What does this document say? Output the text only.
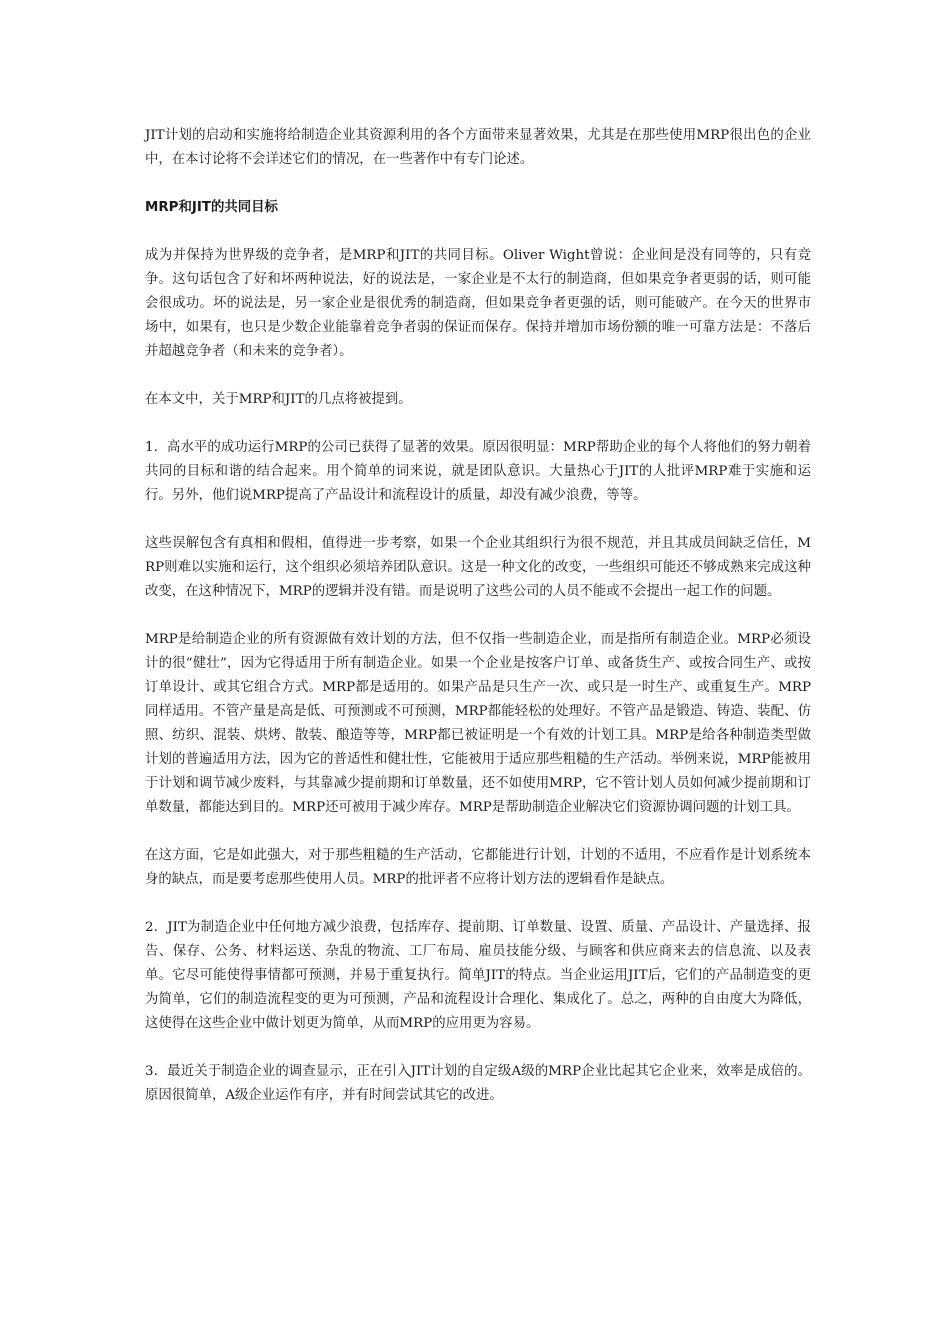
JIT计划的启动和实施将给制造企业其资源利用的各个方面带来显著效果，尤其是在那些使用MRP很出色的企业中，在本讨论将不会详述它们的情况，在一些著作中有专门论述。

MRP和JIT的共同目标

成为并保持为世界级的竞争者，是MRP和JIT的共同目标。Oliver Wight曾说：企业间是没有同等的，只有竞争。这句话包含了好和坏两种说法，好的说法是，一家企业是不太行的制造商，但如果竞争者更弱的话，则可能会很成功。坏的说法是，另一家企业是很优秀的制造商，但如果竞争者更强的话，则可能破产。在今天的世界市场中，如果有，也只是少数企业能靠着竞争者弱的保证而保存。保持并增加市场份额的唯一可靠方法是：不落后并超越竞争者（和未来的竞争者）。

在本文中，关于MRP和JIT的几点将被提到。

1．高水平的成功运行MRP的公司已获得了显著的效果。原因很明显：MRP帮助企业的每个人将他们的努力朝着共同的目标和谐的结合起来。用个简单的词来说，就是团队意识。大量热心于JIT的人批评MRP难于实施和运行。另外，他们说MRP提高了产品设计和流程设计的质量，却没有减少浪费，等等。

这些误解包含有真相和假相，值得进一步考察，如果一个企业其组织行为很不规范，并且其成员间缺乏信任，MRP则难以实施和运行，这个组织必须培养团队意识。这是一种文化的改变，一些组织可能还不够成熟来完成这种改变，在这种情况下，MRP的逻辑并没有错。而是说明了这些公司的人员不能或不会提出一起工作的问题。

MRP是给制造企业的所有资源做有效计划的方法，但不仅指一些制造企业，而是指所有制造企业。MRP必须设计的很“健壮”，因为它得适用于所有制造企业。如果一个企业是按客户订单、或备货生产、或按合同生产、或按订单设计、或其它组合方式。MRP都是适用的。如果产品是只生产一次、或只是一时生产、或重复生产。MRP同样适用。不管产量是高是低、可预测或不可预测，MRP都能轻松的处理好。不管产品是锻造、铸造、装配、仿照、纺织、混装、烘烤、散装、酿造等等，MRP都已被证明是一个有效的计划工具。MRP是给各种制造类型做计划的普遍适用方法，因为它的普适性和健壮性，它能被用于适应那些粗糙的生产活动。举例来说，MRP能被用于计划和调节减少废料，与其靠减少提前期和订单数量，还不如使用MRP，它不管计划人员如何减少提前期和订单数量，都能达到目的。MRP还可被用于减少库存。MRP是帮助制造企业解决它们资源协调问题的计划工具。

在这方面，它是如此强大，对于那些粗糙的生产活动，它都能进行计划，计划的不适用，不应看作是计划系统本身的缺点，而是要考虑那些使用人员。MRP的批评者不应将计划方法的逻辑看作是缺点。

2．JIT为制造企业中任何地方减少浪费，包括库存、提前期、订单数量、设置、质量、产品设计、产量选择、报告、保存、公务、材料运送、杂乱的物流、工厂布局、雇员技能分级、与顾客和供应商来去的信息流、以及表单。它尽可能使得事情都可预测，并易于重复执行。简单JIT的特点。当企业运用JIT后，它们的产品制造变的更为简单，它们的制造流程变的更为可预测，产品和流程设计合理化、集成化了。总之，两种的自由度大为降低，这使得在这些企业中做计划更为简单，从而MRP的应用更为容易。

3．最近关于制造企业的调查显示，正在引入JIT计划的自定级A级的MRP企业比起其它企业来，效率是成倍的。原因很简单，A级企业运作有序，并有时间尝试其它的改进。
